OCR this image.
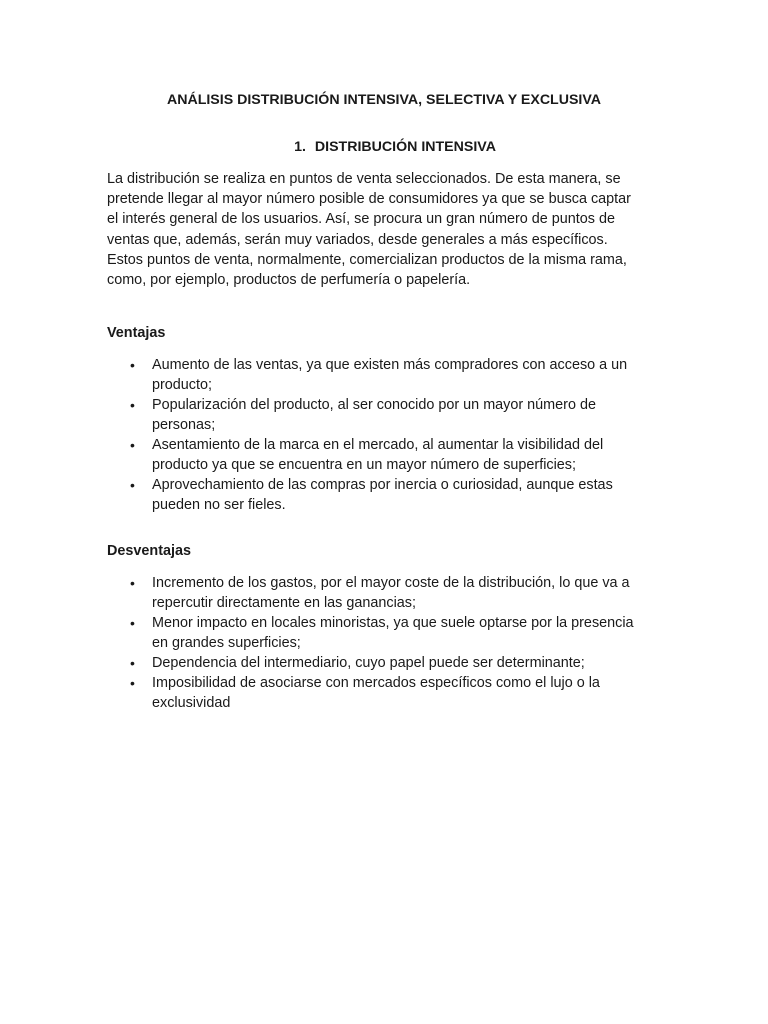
ANÁLISIS DISTRIBUCIÓN INTENSIVA, SELECTIVA Y EXCLUSIVA
1. DISTRIBUCIÓN INTENSIVA

La distribución se realiza en puntos de venta seleccionados. De esta manera, se
pretende llegar al mayor número posible de consumidores ya que se busca captar
el interés general de los usuarios. Así, se procura un gran número de puntos de
ventas que, además, serán muy variados, desde generales a más específicos.
Estos puntos de venta, normalmente, comercializan productos de la misma rama,
como, por ejemplo, productos de perfumería o papelería.

Ventajas
• Aumento de las ventas, ya que existen más compradores con acceso a un
producto;
• Popularización del producto, al ser conocido por un mayor número de
personas;
• Asentamiento de la marca en el mercado, al aumentar la visibilidad del
producto ya que se encuentra en un mayor número de superficies;
• Aprovechamiento de las compras por inercia o curiosidad, aunque estas
pueden no ser fieles.
Desventajas
• Incremento de los gastos, por el mayor coste de la distribución, lo que va a
repercutir directamente en las ganancias;
• Menor impacto en locales minoristas, ya que suele optarse por la presencia
en grandes superficies;
• Dependencia del intermediario, cuyo papel puede ser determinante;
• Imposibilidad de asociarse con mercados específicos como el lujo o la
exclusividad
